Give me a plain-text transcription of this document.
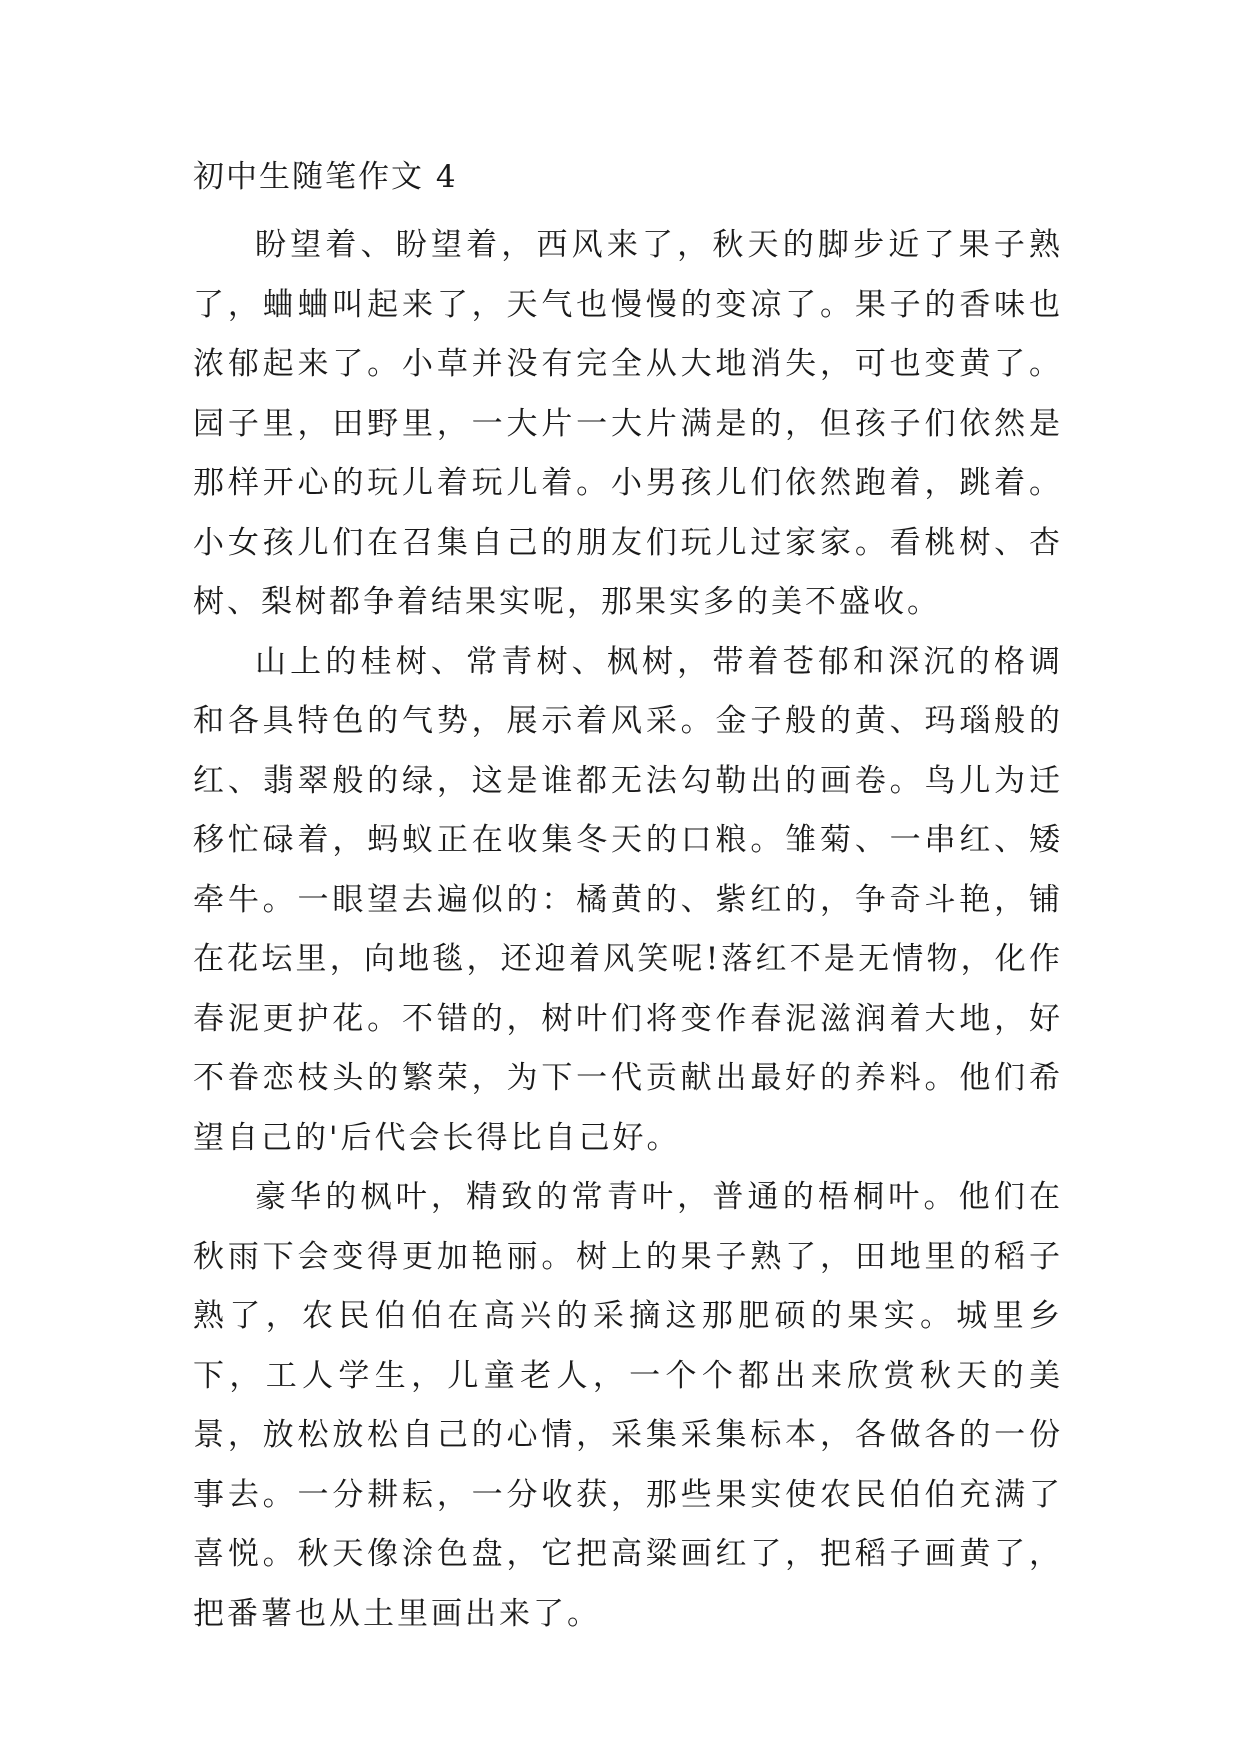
初中生随笔作文 4

盼望着、盼望着，西风来了，秋天的脚步近了果子熟了，蛐蛐叫起来了，天气也慢慢的变凉了。果子的香味也浓郁起来了。小草并没有完全从大地消失，可也变黄了。园子里，田野里，一大片一大片满是的，但孩子们依然是那样开心的玩儿着玩儿着。小男孩儿们依然跑着，跳着。小女孩儿们在召集自己的朋友们玩儿过家家。看桃树、杏树、梨树都争着结果实呢，那果实多的美不盛收。

山上的桂树、常青树、枫树，带着苍郁和深沉的格调和各具特色的气势，展示着风采。金子般的黄、玛瑙般的红、翡翠般的绿，这是谁都无法勾勒出的画卷。鸟儿为迁移忙碌着，蚂蚁正在收集冬天的口粮。雏菊、一串红、矮牵牛。一眼望去遍似的：橘黄的、紫红的，争奇斗艳，铺在花坛里，向地毯，还迎着风笑呢!落红不是无情物，化作春泥更护花。不错的，树叶们将变作春泥滋润着大地，好不眷恋枝头的繁荣，为下一代贡献出最好的养料。他们希望自己的'后代会长得比自己好。

豪华的枫叶，精致的常青叶，普通的梧桐叶。他们在秋雨下会变得更加艳丽。树上的果子熟了，田地里的稻子熟了，农民伯伯在高兴的采摘这那肥硕的果实。城里乡下，工人学生，儿童老人，一个个都出来欣赏秋天的美景，放松放松自己的心情，采集采集标本，各做各的一份事去。一分耕耘，一分收获，那些果实使农民伯伯充满了喜悦。秋天像涂色盘，它把高粱画红了，把稻子画黄了，把番薯也从土里画出来了。
